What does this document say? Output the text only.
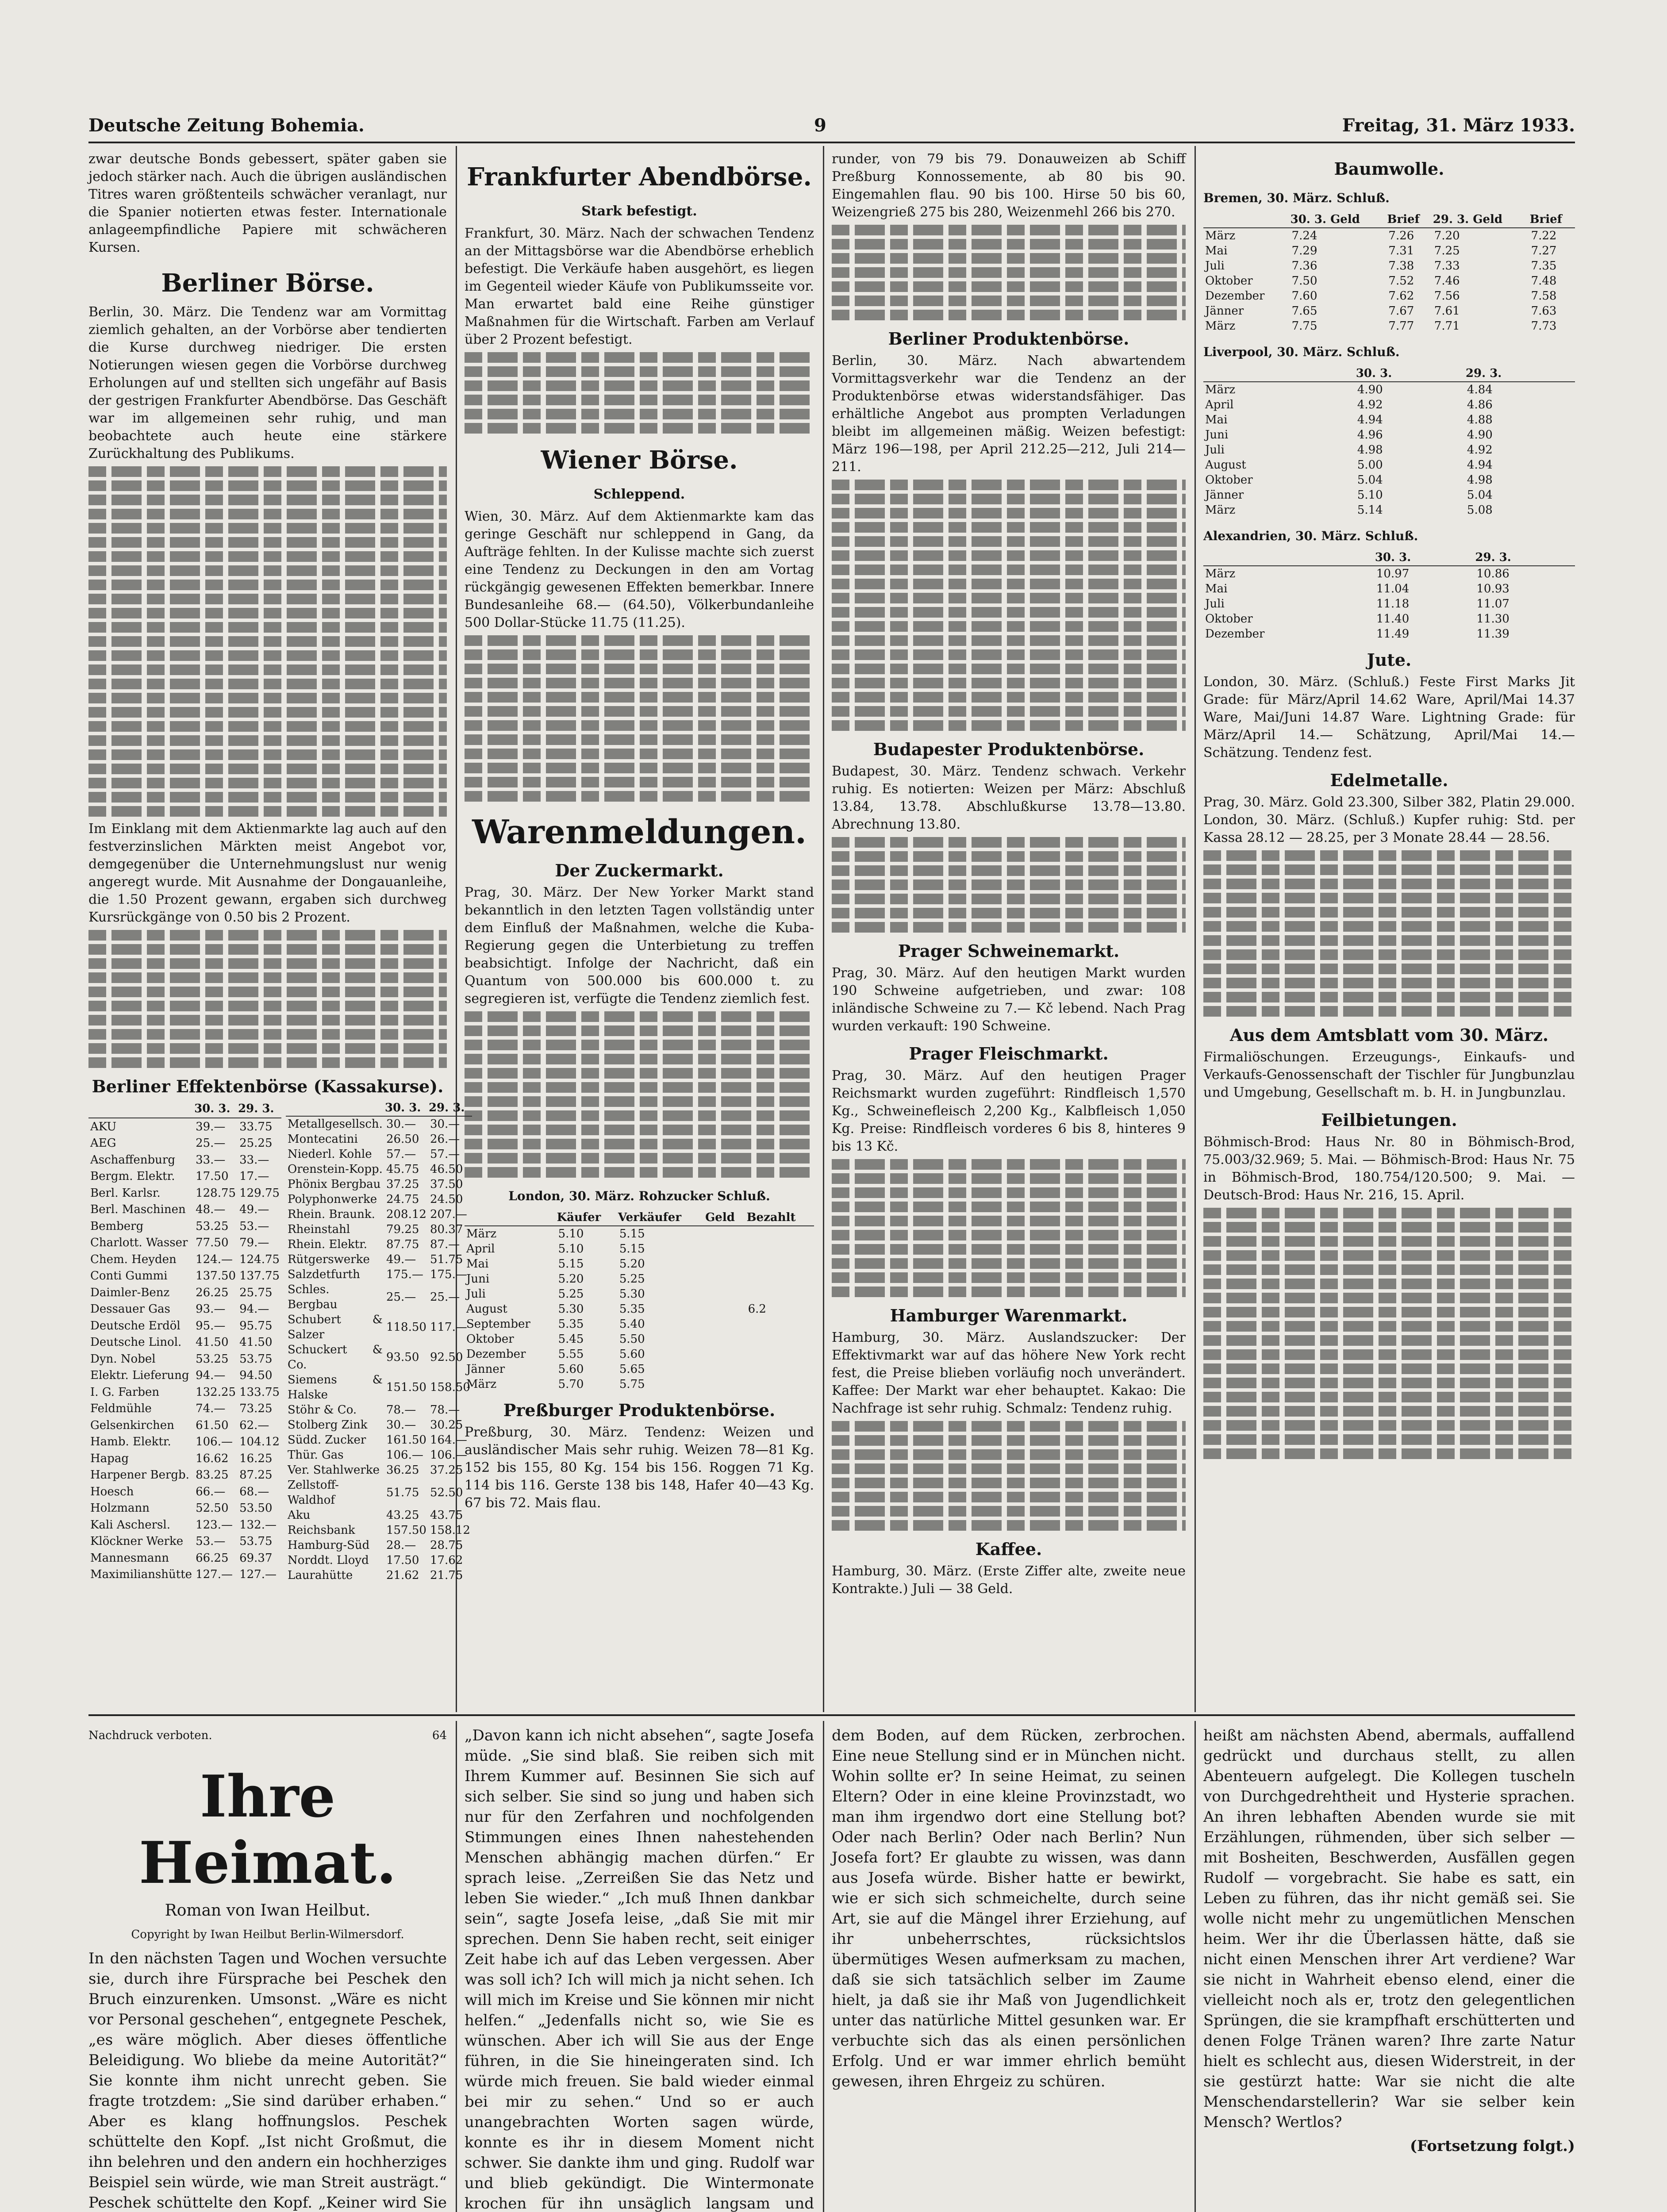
Deutsche Zeitung Bohemia.	9	Freitag, 31. März 1933.

zwar deutsche Bonds gebessert, später gaben sie jedoch stärker nach. Auch die übrigen ausländischen Titres waren größtenteils schwächer veranlagt, nur die Spanier notierten etwas fester. Internationale anlageempfindliche Papiere mit schwächeren Kursen.

Berliner Börse.

Berlin, 30. März. Die Tendenz war am Vormittag ziemlich gehalten, an der Vorbörse aber tendierten die Kurse durchweg niedriger. Die ersten Notierungen wiesen gegen die Vorbörse durchweg Erholungen auf und stellten sich ungefähr auf Basis der gestrigen Frankfurter Abendbörse. Das Geschäft war im allgemeinen sehr ruhig, und man beobachtete auch heute eine stärkere Zurückhaltung des Publikums.

Im Einklang mit dem Aktienmarkte lag auch auf den festverzinslichen Märkten meist Angebot vor, demgegenüber die Unternehmungslust nur wenig angeregt wurde. Mit Ausnahme der Dongauanleihe, die 1.50 Prozent gewann, ergaben sich durchweg Kursrückgänge von 0.50 bis 2 Prozent.

Berliner Effektenbörse (Kassakurse).
	30. 3.	29. 3.
AKU	39.—	33.75
AEG	25.—	25.25
Aschaffenburg	33.—	33.—
Bergm. Elektr.	17.50	17.—
Berl. Karlsr.	128.75	129.75
Berl. Maschinen	48.—	49.—
Bemberg	53.25	53.—
Charlott. Wasser	77.50	79.—
Chem. Heyden	124.—	124.75
Conti Gummi	137.50	137.75
Daimler-Benz	26.25	25.75
Dessauer Gas	93.—	94.—
Deutsche Erdöl	95.—	95.75
Deutsche Linol.	41.50	41.50
Dyn. Nobel	53.25	53.75
Elektr. Lieferung	94.—	94.50
I. G. Farben	132.25	133.75
Feldmühle	74.—	73.25
Gelsenkirchen	61.50	62.—
Hamb. Elektr.	106.—	104.12
Hapag	16.62	16.25
Harpener Bergb.	83.25	87.25
Hoesch	66.—	68.—
Holzmann	52.50	53.50
Kali Aschersl.	123.—	132.—
Klöckner Werke	53.—	53.75
Mannesmann	66.25	69.37
Maximilianshütte	127.—	127.—
	30. 3.	29. 3.
Metallgesellsch.	30.—	30.—
Montecatini	26.50	26.—
Niederl. Kohle	57.—	57.—
Orenstein-Kopp.	45.75	46.50
Phönix Bergbau	37.25	37.50
Polyphonwerke	24.75	24.50
Rhein. Braunk.	208.12	207.—
Rheinstahl	79.25	80.37
Rhein. Elektr.	87.75	87.—
Rütgerswerke	49.—	51.75
Salzdetfurth	175.—	175.—
Schles. Bergbau	25.—	25.—
Schubert & Salzer	118.50	117.—
Schuckert & Co.	93.50	92.50
Siemens & Halske	151.50	158.50
Stöhr & Co.	78.—	78.—
Stolberg Zink	30.—	30.25
Südd. Zucker	161.50	164.—
Thür. Gas	106.—	106.—
Ver. Stahlwerke	36.25	37.25
Zellstoff-Waldhof	51.75	52.50
Aku	43.25	43.75
Reichsbank	157.50	158.12
Hamburg-Süd	28.—	28.75
Norddt. Lloyd	17.50	17.62
Laurahütte	21.62	21.75
Frankfurter Abendbörse.
Stark befestigt.

Frankfurt, 30. März. Nach der schwachen Tendenz an der Mittagsbörse war die Abendbörse erheblich befestigt. Die Verkäufe haben ausgehört, es liegen im Gegenteil wieder Käufe von Publikumsseite vor. Man erwartet bald eine Reihe günstiger Maßnahmen für die Wirtschaft. Farben am Verlauf über 2 Prozent befestigt.

Wiener Börse.
Schleppend.

Wien, 30. März. Auf dem Aktienmarkte kam das geringe Geschäft nur schleppend in Gang, da Aufträge fehlten. In der Kulisse machte sich zuerst eine Tendenz zu Deckungen in den am Vortag rückgängig gewesenen Effekten bemerkbar. Innere Bundesanleihe 68.— (64.50), Völkerbundanleihe 500 Dollar-Stücke 11.75 (11.25).

Warenmeldungen.
Der Zuckermarkt.

Prag, 30. März. Der New Yorker Markt stand bekanntlich in den letzten Tagen vollständig unter dem Einfluß der Maßnahmen, welche die Kuba-Regierung gegen die Unterbietung zu treffen beabsichtigt. Infolge der Nachricht, daß ein Quantum von 500.000 bis 600.000 t. zu segregieren ist, verfügte die Tendenz ziemlich fest.

London, 30. März. Rohzucker Schluß.
	Käufer	Verkäufer	Geld	Bezahlt
März	5.10	5.15		
April	5.10	5.15		
Mai	5.15	5.20		
Juni	5.20	5.25		
Juli	5.25	5.30		
August	5.30	5.35		6.2
September	5.35	5.40		
Oktober	5.45	5.50		
Dezember	5.55	5.60		
Jänner	5.60	5.65		
März	5.70	5.75		
Preßburger Produktenbörse.

Preßburg, 30. März. Tendenz: Weizen und ausländischer Mais sehr ruhig. Weizen 78—81 Kg. 152 bis 155, 80 Kg. 154 bis 156. Roggen 71 Kg. 114 bis 116. Gerste 138 bis 148, Hafer 40—43 Kg. 67 bis 72. Mais flau.

runder, von 79 bis 79. Donauweizen ab Schiff Preßburg Konnossemente, ab 80 bis 90. Eingemahlen flau. 90 bis 100. Hirse 50 bis 60, Weizengrieß 275 bis 280, Weizenmehl 266 bis 270.

Berliner Produktenbörse.

Berlin, 30. März. Nach abwartendem Vormittagsverkehr war die Tendenz an der Produktenbörse etwas widerstandsfähiger. Das erhältliche Angebot aus prompten Verladungen bleibt im allgemeinen mäßig. Weizen befestigt: März 196—198, per April 212.25—212, Juli 214—211.

Budapester Produktenbörse.

Budapest, 30. März. Tendenz schwach. Verkehr ruhig. Es notierten: Weizen per März: Abschluß 13.84, 13.78. Abschlußkurse 13.78—13.80. Abrechnung 13.80.

Prager Schweinemarkt.

Prag, 30. März. Auf den heutigen Markt wurden 190 Schweine aufgetrieben, und zwar: 108 inländische Schweine zu 7.— Kč lebend. Nach Prag wurden verkauft: 190 Schweine.

Prager Fleischmarkt.

Prag, 30. März. Auf den heutigen Prager Reichsmarkt wurden zugeführt: Rindfleisch 1,570 Kg., Schweinefleisch 2,200 Kg., Kalbfleisch 1,050 Kg. Preise: Rindfleisch vorderes 6 bis 8, hinteres 9 bis 13 Kč.

Hamburger Warenmarkt.

Hamburg, 30. März. Auslandszucker: Der Effektivmarkt war auf das höhere New York recht fest, die Preise blieben vorläufig noch unverändert. Kaffee: Der Markt war eher behauptet. Kakao: Die Nachfrage ist sehr ruhig. Schmalz: Tendenz ruhig.

Kaffee.

Hamburg, 30. März. (Erste Ziffer alte, zweite neue Kontrakte.) Juli — 38 Geld.

Baumwolle.
Bremen, 30. März. Schluß.
	30. 3. Geld	Brief	29. 3. Geld	Brief
März	7.24	7.26	7.20	7.22
Mai	7.29	7.31	7.25	7.27
Juli	7.36	7.38	7.33	7.35
Oktober	7.50	7.52	7.46	7.48
Dezember	7.60	7.62	7.56	7.58
Jänner	7.65	7.67	7.61	7.63
März	7.75	7.77	7.71	7.73
Liverpool, 30. März. Schluß.
	30. 3.	29. 3.
März	4.90	4.84
April	4.92	4.86
Mai	4.94	4.88
Juni	4.96	4.90
Juli	4.98	4.92
August	5.00	4.94
Oktober	5.04	4.98
Jänner	5.10	5.04
März	5.14	5.08
Alexandrien, 30. März. Schluß.
	30. 3.	29. 3.
März	10.97	10.86
Mai	11.04	10.93
Juli	11.18	11.07
Oktober	11.40	11.30
Dezember	11.49	11.39
Jute.

London, 30. März. (Schluß.) Feste First Marks Jit Grade: für März/April 14.62 Ware, April/Mai 14.37 Ware, Mai/Juni 14.87 Ware. Lightning Grade: für März/April 14.— Schätzung, April/Mai 14.— Schätzung. Tendenz fest.

Edelmetalle.

Prag, 30. März. Gold 23.300, Silber 382, Platin 29.000. London, 30. März. (Schluß.) Kupfer ruhig: Std. per Kassa 28.12 — 28.25, per 3 Monate 28.44 — 28.56.

Aus dem Amtsblatt vom 30. März.

Firmaliöschungen. Erzeugungs-, Einkaufs- und Verkaufs-Genossenschaft der Tischler für Jungbunzlau und Umgebung, Gesellschaft m. b. H. in Jungbunzlau.

Feilbietungen.

Böhmisch-Brod: Haus Nr. 80 in Böhmisch-Brod, 75.003/32.969; 5. Mai. — Böhmisch-Brod: Haus Nr. 75 in Böhmisch-Brod, 180.754/120.500; 9. Mai. — Deutsch-Brod: Haus Nr. 216, 15. April.

Nachdruck verboten.	64
Ihre Heimat.

Roman von Iwan Heilbut.

Copyright by Iwan Heilbut Berlin-Wilmersdorf.

In den nächsten Tagen und Wochen versuchte sie, durch ihre Fürsprache bei Peschek den Bruch einzurenken. Umsonst. „Wäre es nicht vor Personal geschehen“, entgegnete Peschek, „es wäre möglich. Aber dieses öffentliche Beleidigung. Wo bliebe da meine Autorität?“ Sie konnte ihm nicht unrecht geben. Sie fragte trotzdem: „Sie sind darüber erhaben.“ Aber es klang hoffnungslos. Peschek schüttelte den Kopf. „Ist nicht Großmut, die ihn belehren und den andern ein hochherziges Beispiel sein würde, wie man Streit austrägt.“ Peschek schüttelte den Kopf. „Keiner wird Sie

„Davon kann ich nicht absehen“, sagte Josefa müde. „Sie sind blaß. Sie reiben sich mit Ihrem Kummer auf. Besinnen Sie sich auf sich selber. Sie sind so jung und haben sich nur für den Zerfahren und nochfolgenden Stimmungen eines Ihnen nahestehenden Menschen abhängig machen dürfen.“ Er sprach leise. „Zerreißen Sie das Netz und leben Sie wieder.“ „Ich muß Ihnen dankbar sein“, sagte Josefa leise, „daß Sie mit mir sprechen. Denn Sie haben recht, seit einiger Zeit habe ich auf das Leben vergessen. Aber was soll ich? Ich will mich ja nicht sehen. Ich will mich im Kreise und Sie können mir nicht helfen.“ „Jedenfalls nicht so, wie Sie es wünschen. Aber ich will Sie aus der Enge führen, in die Sie hineingeraten sind. Ich würde mich freuen. Sie bald wieder einmal bei mir zu sehen.“ Und so er auch unangebrachten Worten sagen würde, konnte es ihr in diesem Moment nicht schwer. Sie dankte ihm und ging. Rudolf war und blieb gekündigt. Die Wintermonate krochen für ihn unsäglich langsam und

dem Boden, auf dem Rücken, zerbrochen. Eine neue Stellung sind er in München nicht. Wohin sollte er? In seine Heimat, zu seinen Eltern? Oder in eine kleine Provinzstadt, wo man ihm irgendwo dort eine Stellung bot? Oder nach Berlin? Oder nach Berlin? Nun Josefa fort? Er glaubte zu wissen, was dann aus Josefa würde. Bisher hatte er bewirkt, wie er sich sich schmeichelte, durch seine Art, sie auf die Mängel ihrer Erziehung, auf ihr unbeherrschtes, rücksichtslos übermütiges Wesen aufmerksam zu machen, daß sie sich tatsächlich selber im Zaume hielt, ja daß sie ihr Maß von Jugendlichkeit unter das natürliche Mittel gesunken war. Er verbuchte sich das als einen persönlichen Erfolg. Und er war immer ehrlich bemüht gewesen, ihren Ehrgeiz zu schüren.

heißt am nächsten Abend, abermals, auffallend gedrückt und durchaus stellt, zu allen Abenteuern aufgelegt. Die Kollegen tuscheln von Durchgedrehtheit und Hysterie sprachen. An ihren lebhaften Abenden wurde sie mit Erzählungen, rühmenden, über sich selber — mit Bosheiten, Beschwerden, Ausfällen gegen Rudolf — vorgebracht. Sie habe es satt, ein Leben zu führen, das ihr nicht gemäß sei. Sie wolle nicht mehr zu ungemütlichen Menschen heim. Wer ihr die Überlassen hätte, daß sie nicht einen Menschen ihrer Art verdiene? War sie nicht in Wahrheit ebenso elend, einer die vielleicht noch als er, trotz den gelegentlichen Sprüngen, die sie krampfhaft erschütterten und denen Folge Tränen waren? Ihre zarte Natur hielt es schlecht aus, diesen Widerstreit, in der sie gestürzt hatte: War sie nicht die alte Menschendarstellerin? War sie selber kein Mensch? Wertlos?

(Fortsetzung folgt.)
